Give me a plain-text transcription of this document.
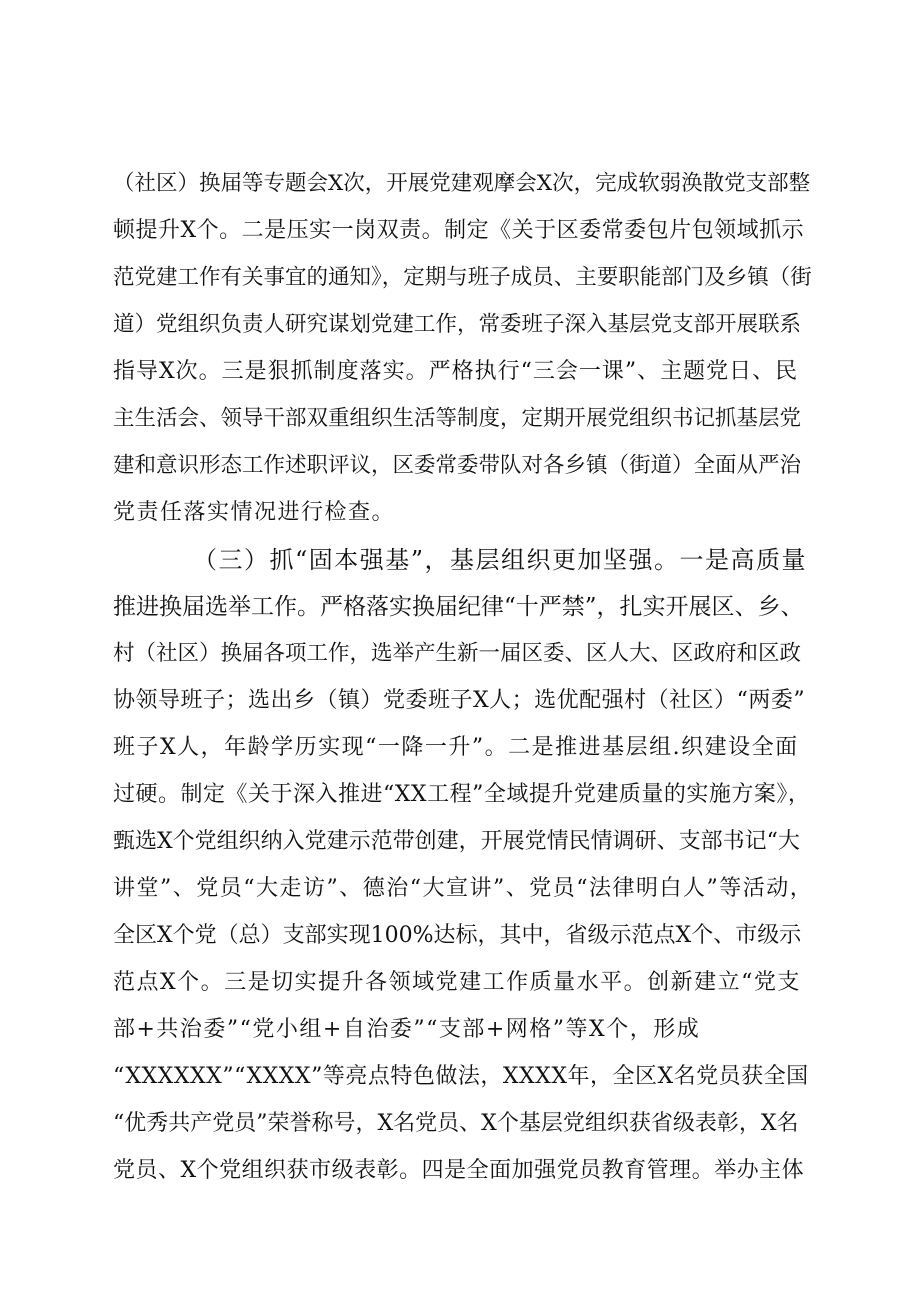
（社区）换届等专题会X次，开展党建观摩会X次，完成软弱涣散党支部整
顿提升X个。二是压实一岗双责。制定《关于区委常委包片包领域抓示
范党建工作有关事宜的通知》，定期与班子成员、主要职能部门及乡镇（街
道）党组织负责人研究谋划党建工作，常委班子深入基层党支部开展联系
指导X次。三是狠抓制度落实。严格执行“三会一课”、主题党日、民
主生活会、领导干部双重组织生活等制度，定期开展党组织书记抓基层党
建和意识形态工作述职评议，区委常委带队对各乡镇（街道）全面从严治
党责任落实情况进行检查。
（三）抓“固本强基”，基层组织更加坚强。一是高质量
推进换届选举工作。严格落实换届纪律“十严禁”，扎实开展区、乡、
村（社区）换届各项工作，选举产生新一届区委、区人大、区政府和区政
协领导班子；选出乡（镇）党委班子X人；选优配强村（社区）“两委”
班子X人，年龄学历实现“一降一升”。二是推进基层组.织建设全面
过硬。制定《关于深入推进“XX工程”全域提升党建质量的实施方案》，
甄选X个党组织纳入党建示范带创建，开展党情民情调研、支部书记“大
讲堂”、党员“大走访”、德治“大宣讲”、党员“法律明白人”等活动，
全区X个党（总）支部实现100%达标，其中，省级示范点X个、市级示
范点X个。三是切实提升各领域党建工作质量水平。创新建立“党支
部+共治委”“党小组+自治委”“支部+网格”等X个，形成
“XXXXXX”“XXXX”等亮点特色做法，XXXX年，全区X名党员获全国
“优秀共产党员”荣誉称号，X名党员、X个基层党组织获省级表彰，X名
党员、X个党组织获市级表彰。四是全面加强党员教育管理。举办主体
